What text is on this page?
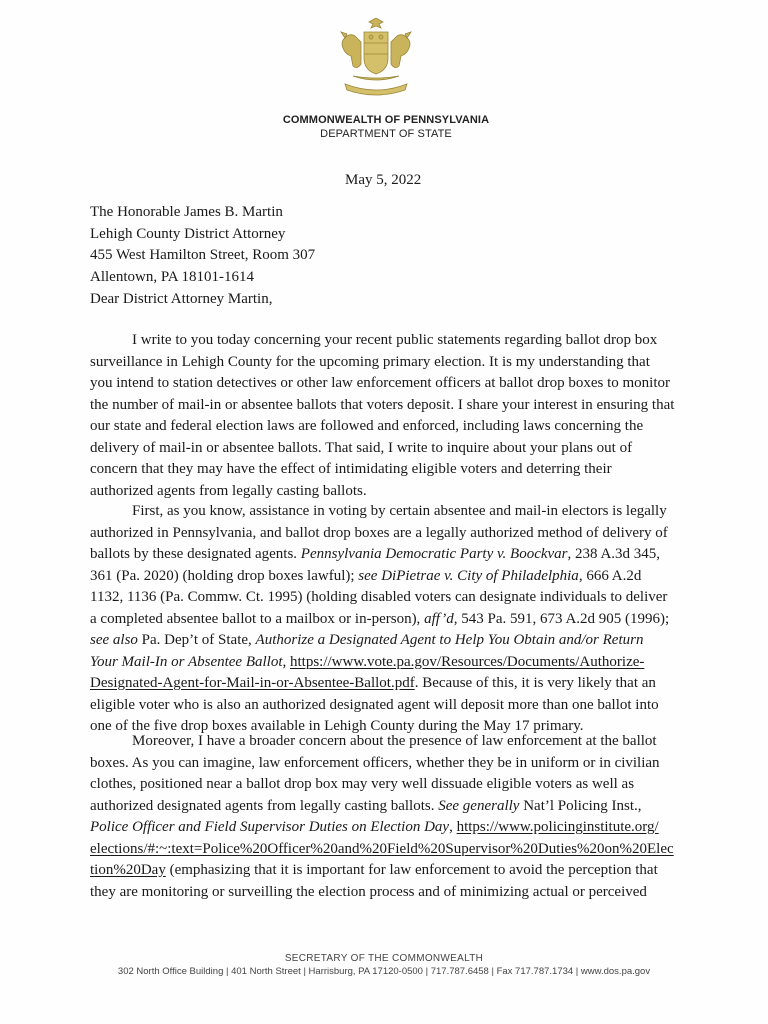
COMMONWEALTH OF PENNSYLVANIA
DEPARTMENT OF STATE
May 5, 2022
The Honorable James B. Martin
Lehigh County District Attorney
455 West Hamilton Street, Room 307
Allentown, PA 18101-1614
Dear District Attorney Martin,
I write to you today concerning your recent public statements regarding ballot drop box
surveillance in Lehigh County for the upcoming primary election. It is my understanding that
you intend to station detectives or other law enforcement officers at ballot drop boxes to monitor
the number of mail-in or absentee ballots that voters deposit. I share your interest in ensuring that
our state and federal election laws are followed and enforced, including laws concerning the
delivery of mail-in or absentee ballots. That said, I write to inquire about your plans out of
concern that they may have the effect of intimidating eligible voters and deterring their
authorized agents from legally casting ballots.
First, as you know, assistance in voting by certain absentee and mail-in electors is legally
authorized in Pennsylvania, and ballot drop boxes are a legally authorized method of delivery of
ballots by these designated agents. Pennsylvania Democratic Party v. Boockvar, 238 A.3d 345,
361 (Pa. 2020) (holding drop boxes lawful); see DiPietrae v. City of Philadelphia, 666 A.2d
1132, 1136 (Pa. Commw. Ct. 1995) (holding disabled voters can designate individuals to deliver
a completed absentee ballot to a mailbox or in-person), aff’d, 543 Pa. 591, 673 A.2d 905 (1996);
see also Pa. Dep’t of State, Authorize a Designated Agent to Help You Obtain and/or Return
Your Mail-In or Absentee Ballot, https://www.vote.pa.gov/Resources/Documents/Authorize-
Designated-Agent-for-Mail-in-or-Absentee-Ballot.pdf. Because of this, it is very likely that an
eligible voter who is also an authorized designated agent will deposit more than one ballot into
one of the five drop boxes available in Lehigh County during the May 17 primary.
Moreover, I have a broader concern about the presence of law enforcement at the ballot
boxes. As you can imagine, law enforcement officers, whether they be in uniform or in civilian
clothes, positioned near a ballot drop box may very well dissuade eligible voters as well as
authorized designated agents from legally casting ballots. See generally Nat’l Policing Inst.,
Police Officer and Field Supervisor Duties on Election Day, https://www.policinginstitute.org/
elections/#:~:text=Police%20Officer%20and%20Field%20Supervisor%20Duties%20on%20Elec
tion%20Day (emphasizing that it is important for law enforcement to avoid the perception that
they are monitoring or surveilling the election process and of minimizing actual or perceived
SECRETARY OF THE COMMONWEALTH
302 North Office Building | 401 North Street | Harrisburg, PA 17120-0500 | 717.787.6458 | Fax 717.787.1734 | www.dos.pa.gov
